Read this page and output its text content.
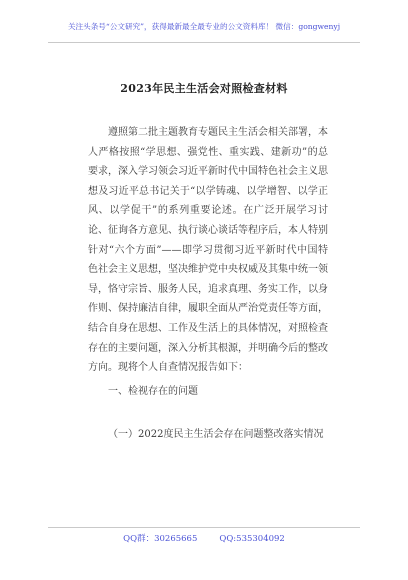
关注头条号“公文研究”，获得最新最全最专业的公文资料库！ 微信：gongwenyj
2023年民主生活会对照检查材料

遵照第二批主题教育专题民主生活会相关部署，本人严格按照“学思想、强党性、重实践、建新功”的总要求，深入学习领会习近平新时代中国特色社会主义思想及习近平总书记关于“以学铸魂、以学增智、以学正风、以学促干”的系列重要论述。在广泛开展学习讨论、征询各方意见、执行谈心谈话等程序后，本人特别针对“六个方面”——即学习贯彻习近平新时代中国特色社会主义思想，坚决维护党中央权威及其集中统一领导，恪守宗旨、服务人民，追求真理、务实工作，以身作则、保持廉洁自律，履职全面从严治党责任等方面，结合自身在思想、工作及生活上的具体情况，对照检查存在的主要问题，深入分析其根源，并明确今后的整改方向。现将个人自查情况报告如下：

一、检视存在的问题
（一）2022度民主生活会存在问题整改落实情况
QQ群：30265665	QQ:535304092
